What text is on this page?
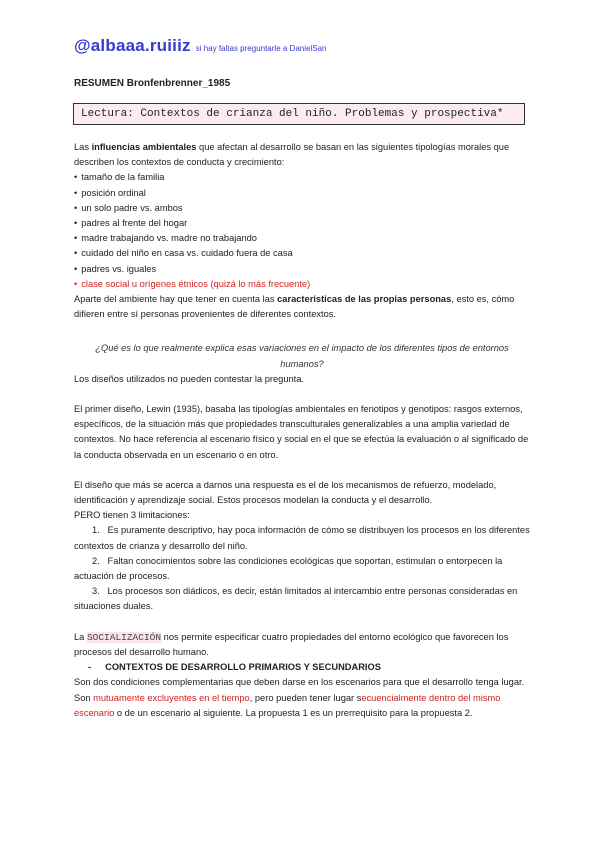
@albaaa.ruiiiz si hay faltas preguntarle a DanielSan
RESUMEN Bronfenbrenner_1985
Lectura: Contextos de crianza del niño. Problemas y prospectiva*

Las influencias ambientales que afectan al desarrollo se basan en las siguientes tipologías morales que describen los contextos de conducta y crecimiento:

• tamaño de la familia
• posición ordinal
• un solo padre vs. ambos
• padres al frente del hogar
• madre trabajando vs. madre no trabajando
• cuidado del niño en casa vs. cuidado fuera de casa
• padres vs. iguales
• clase social u orígenes étnicos (quizá lo más frecuente)

Aparte del ambiente hay que tener en cuenta las características de las propias personas, esto es, cómo difieren entre sí personas provenientes de diferentes contextos.

¿Qué es lo que realmente explica esas variaciones en el impacto de los diferentes tipos de entornos humanos?

Los diseños utilizados no pueden contestar la pregunta.

El primer diseño, Lewin (1935), basaba las tipologías ambientales en fenotipos y genotipos: rasgos externos, específicos, de la situación más que propiedades transculturales generalizables a una amplia variedad de contextos. No hace referencia al escenario físico y social en el que se efectúa la evaluación o al significado de la conducta observada en un escenario o en otro.

El diseño que más se acerca a darnos una respuesta es el de los mecanismos de refuerzo, modelado, identificación y aprendizaje social. Estos procesos modelan la conducta y el desarrollo.

PERO tienen 3 limitaciones:

1. Es puramente descriptivo, hay poca información de cómo se distribuyen los procesos en los diferentes contextos de crianza y desarrollo del niño.
2. Faltan conocimientos sobre las condiciones ecológicas que soportan, estimulan o entorpecen la actuación de procesos.
3. Los procesos son diádicos, es decir, están limitados al intercambio entre personas consideradas en situaciones duales.

La SOCIALIZACIÓN nos permite especificar cuatro propiedades del entorno ecológico que favorecen los procesos del desarrollo humano.

- CONTEXTOS DE DESARROLLO PRIMARIOS Y SECUNDARIOS

Son dos condiciones complementarias que deben darse en los escenarios para que el desarrollo tenga lugar. Son mutuamente excluyentes en el tiempo, pero pueden tener lugar secuencialmente dentro del mismo escenario o de un escenario al siguiente. La propuesta 1 es un prerrequisito para la propuesta 2.
